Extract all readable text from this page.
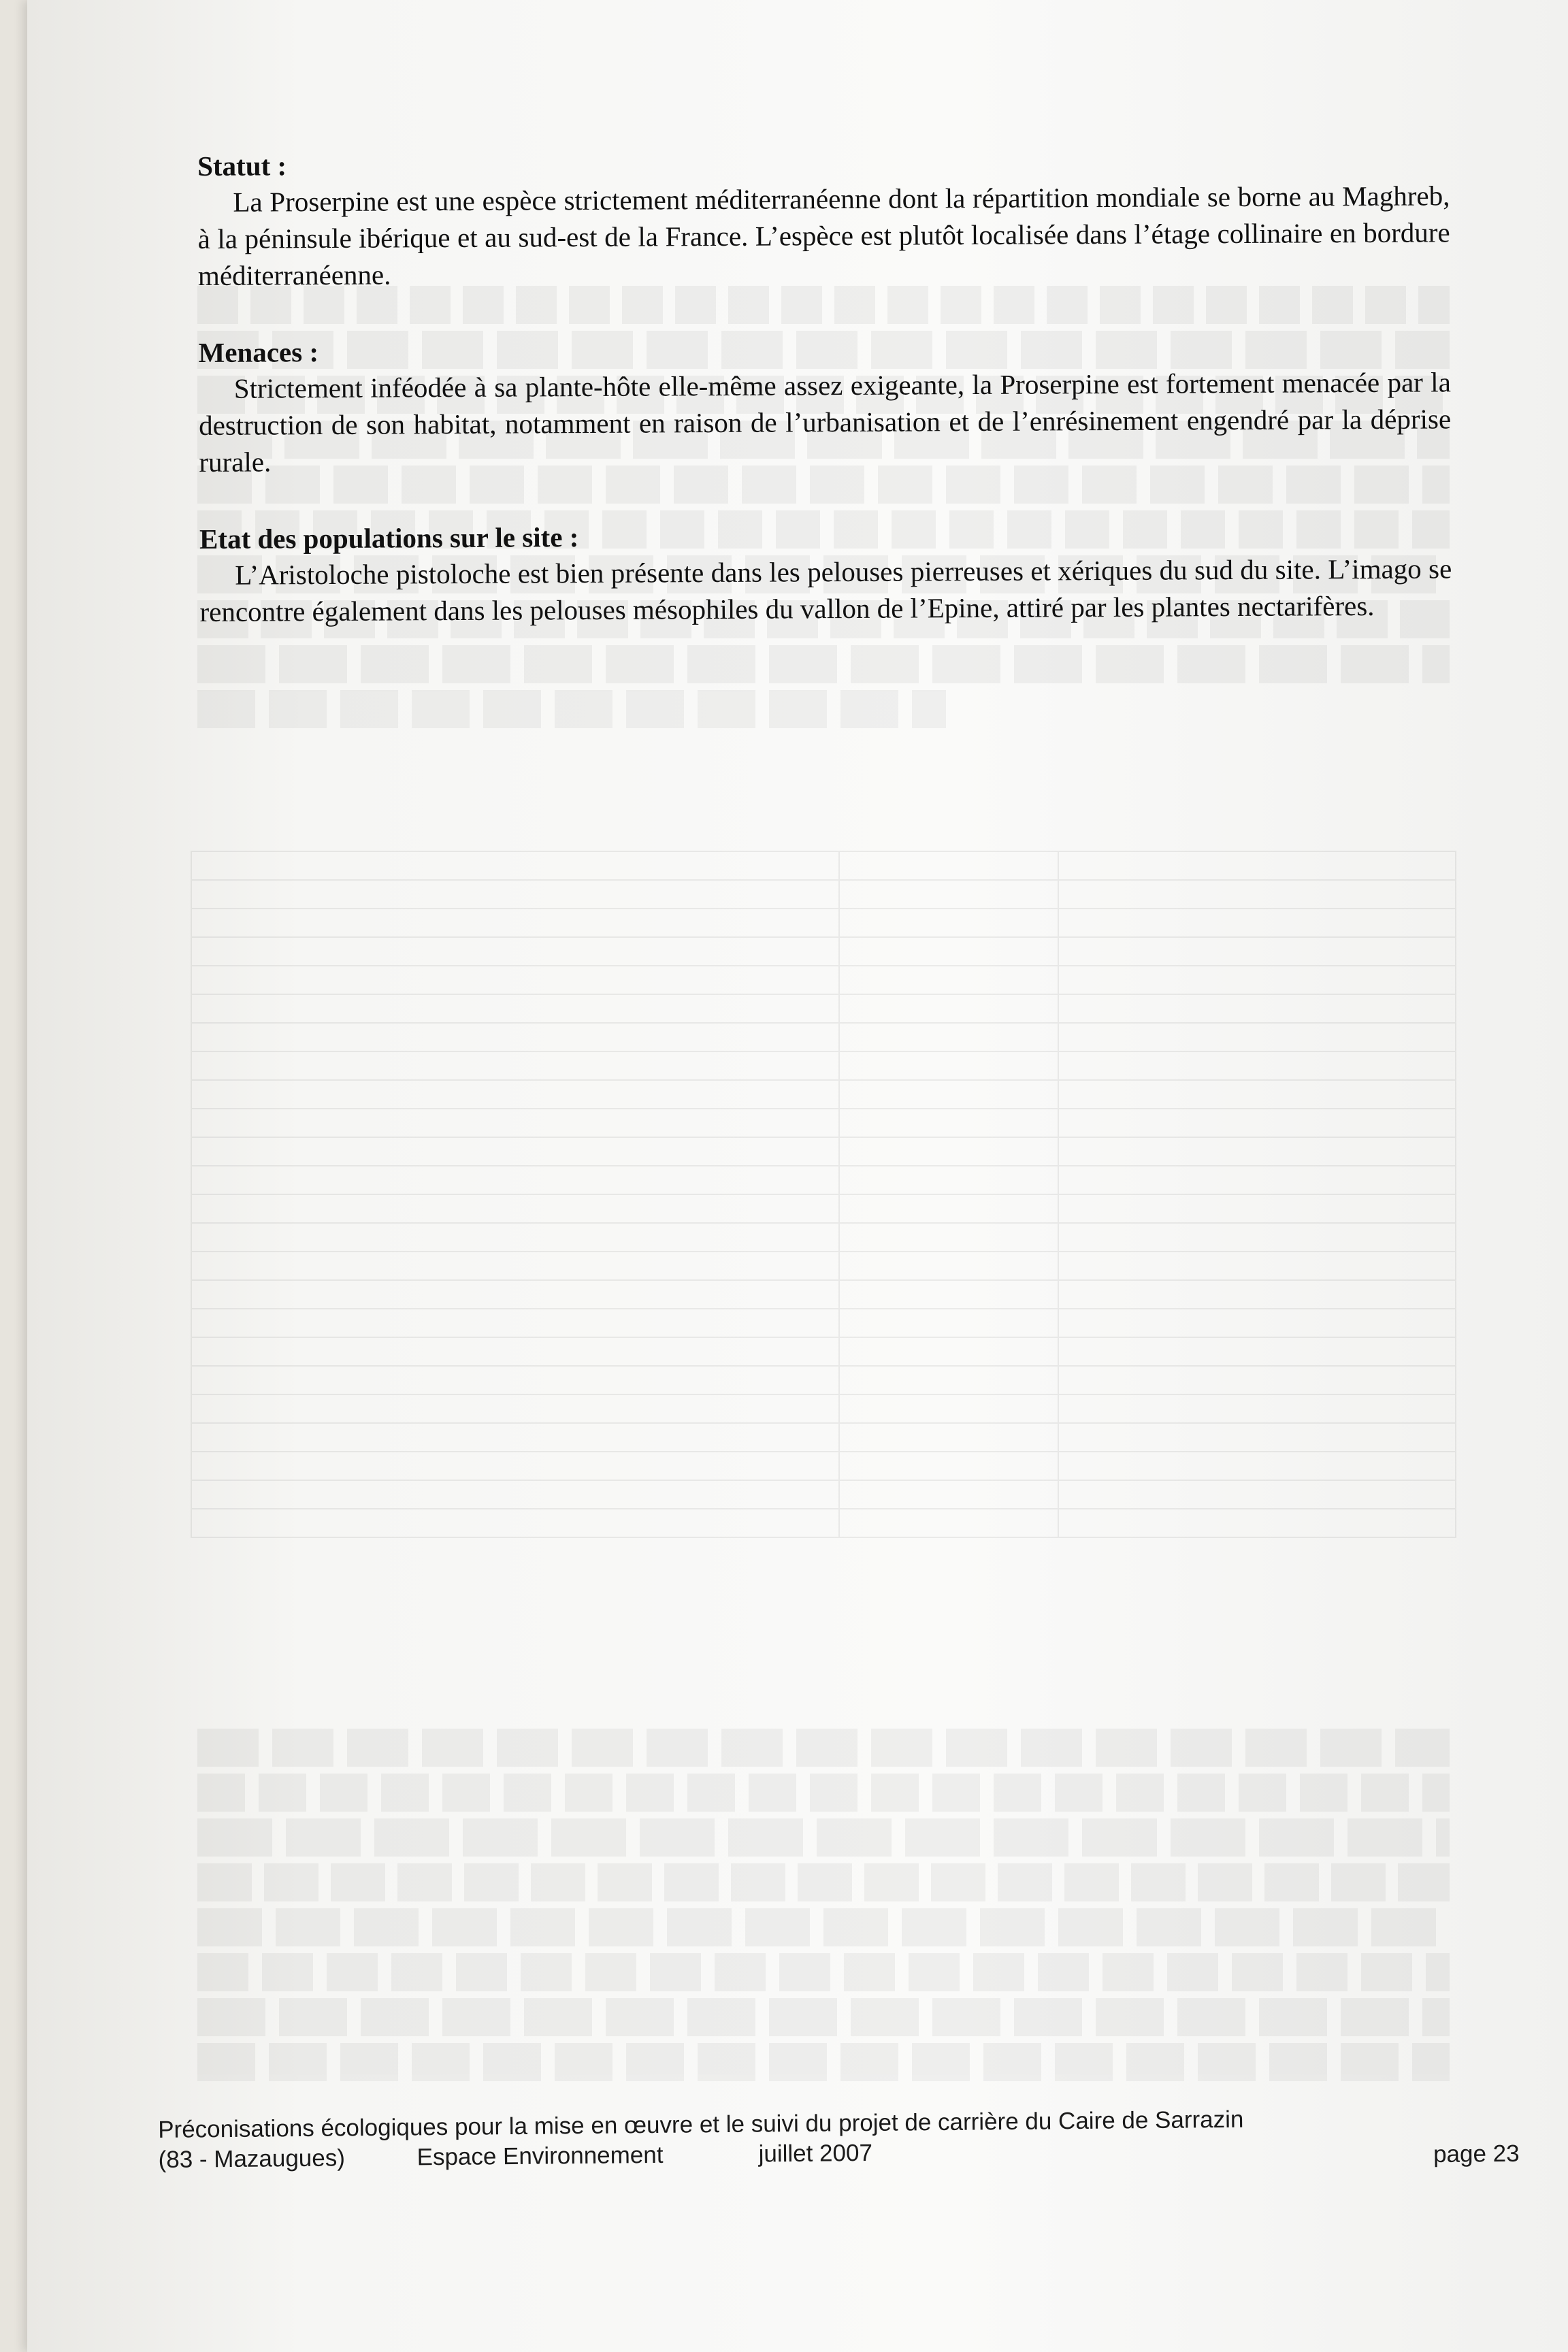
Statut :

La Proserpine est une espèce strictement méditerranéenne dont la répartition mondiale se borne au Maghreb, à la péninsule ibérique et au sud-est de la France. L’espèce est plutôt localisée dans l’étage collinaire en bordure méditerranéenne.

Menaces :

Strictement inféodée à sa plante-hôte elle-même assez exigeante, la Proserpine est fortement menacée par la destruction de son habitat, notamment en raison de l’urbanisation et de l’enrésinement engendré par la déprise rurale.

Etat des populations sur le site :

L’Aristoloche pistoloche est bien présente dans les pelouses pierreuses et xériques du sud du site. L’imago se rencontre également dans les pelouses mésophiles du vallon de l’Epine, attiré par les plantes nectarifères.

Préconisations écologiques pour la mise en œuvre et le suivi du projet de carrière du Caire de Sarrazin
(83 - Mazaugues)	Espace Environnement	juillet 2007	page 23
